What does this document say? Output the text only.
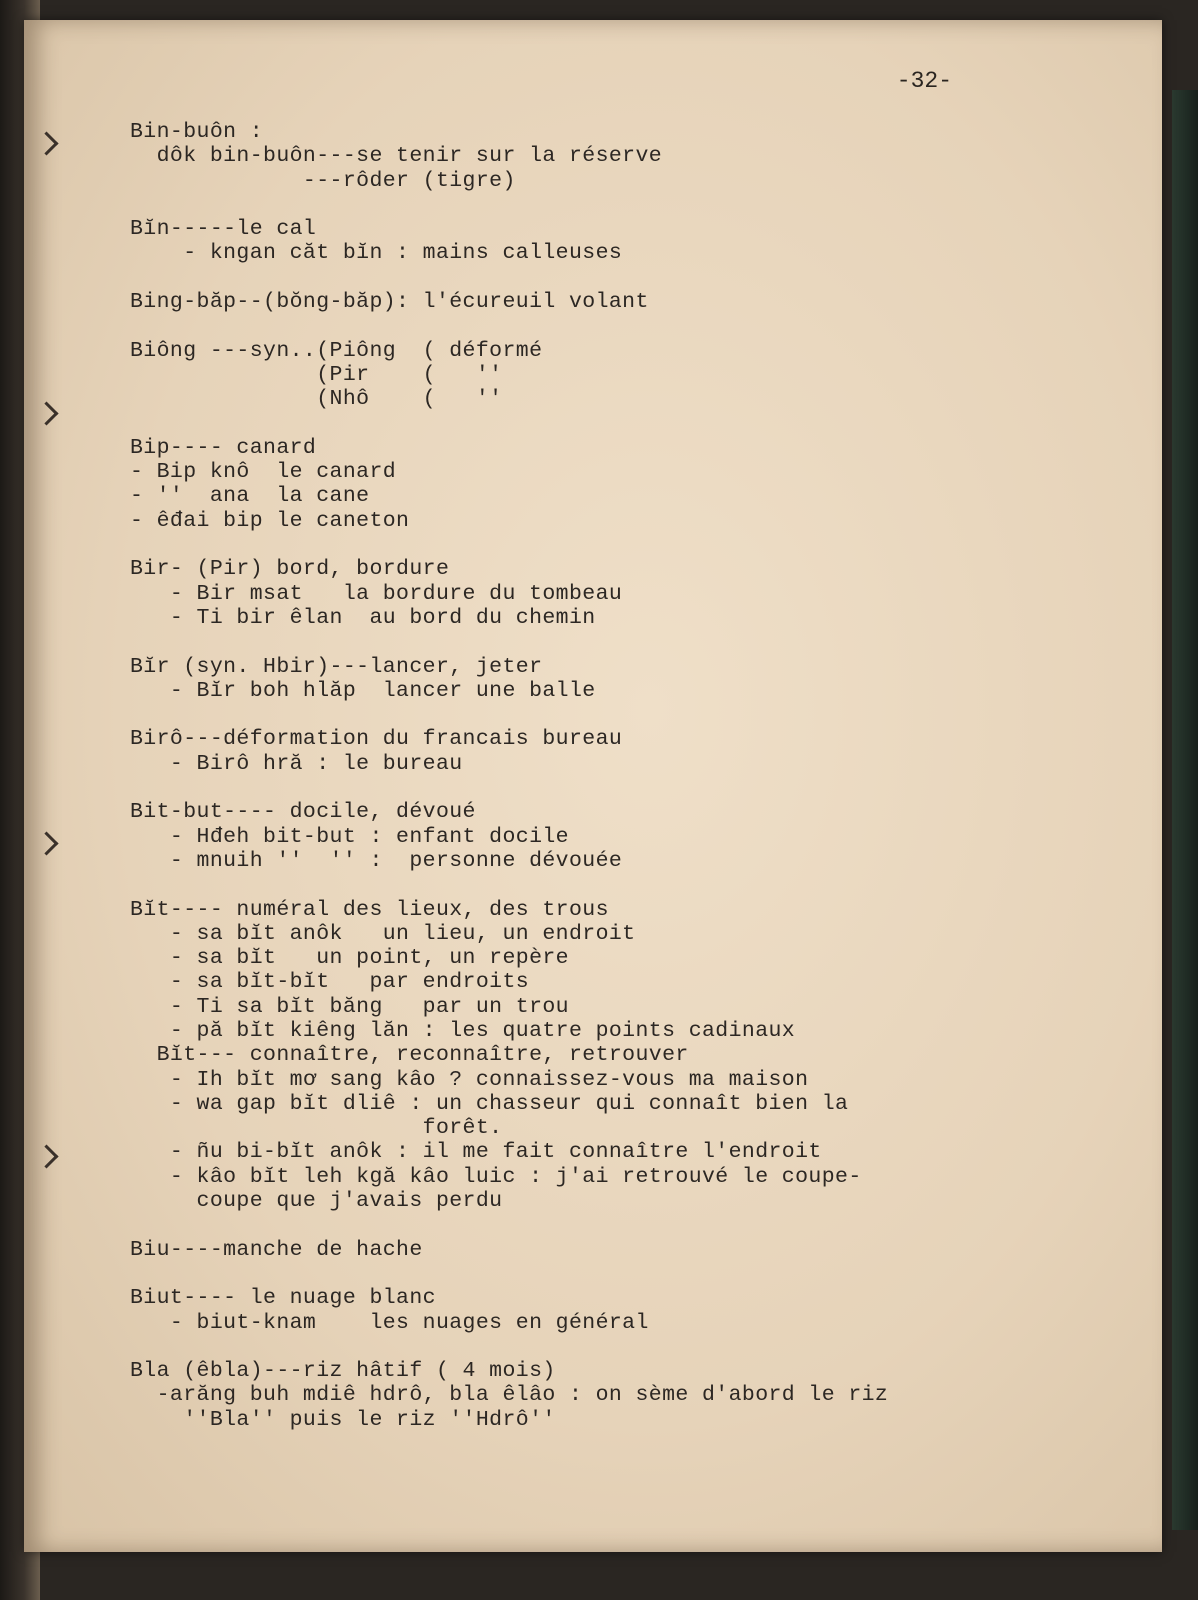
-32-
Bin-buôn :
dôk bin-buôn---se tenir sur la réserve
---rôder (tigre)
Bĭn-----le cal
- kngan căt bĭn : mains calleuses
Bing-băp--(bŏng-băp): l'écureuil volant
Biông ---syn..(Piông  ( déformé
(Pir    (   ''
(Nhô    (   ''
Bip---- canard
- Bip knô  le canard
- ''  ana  la cane
- êđai bip le caneton
Bir- (Pir) bord, bordure
- Bir msat   la bordure du tombeau
- Ti bir êlan  au bord du chemin
Bĭr (syn. Hbir)---lancer, jeter
- Bĭr boh hlăp  lancer une balle
Birô---déformation du francais bureau
- Birô hră : le bureau
Bit-but---- docile, dévoué
- Hđeh bit-but : enfant docile
- mnuih ''  '' :  personne dévouée
Bĭt---- numéral des lieux, des trous
- sa bĭt anôk   un lieu, un endroit
- sa bĭt   un point, un repère
- sa bĭt-bĭt   par endroits
- Ti sa bĭt băng   par un trou
- pă bĭt kiêng lăn : les quatre points cadinaux
Bĭt--- connaître, reconnaître, retrouver
- Ih bĭt mơ sang kâo ? connaissez-vous ma maison
- wa gap bĭt dliê : un chasseur qui connaît bien la
forêt.
- ñu bi-bĭt anôk : il me fait connaître l'endroit
- kâo bĭt leh kgă kâo luic : j'ai retrouvé le coupe-
coupe que j'avais perdu
Biu----manche de hache
Biut---- le nuage blanc
- biut-knam    les nuages en général
Bla (êbla)---riz hâtif ( 4 mois)
-arăng buh mdiê hdrô, bla êlâo : on sème d'abord le riz
''Bla'' puis le riz ''Hdrô''
